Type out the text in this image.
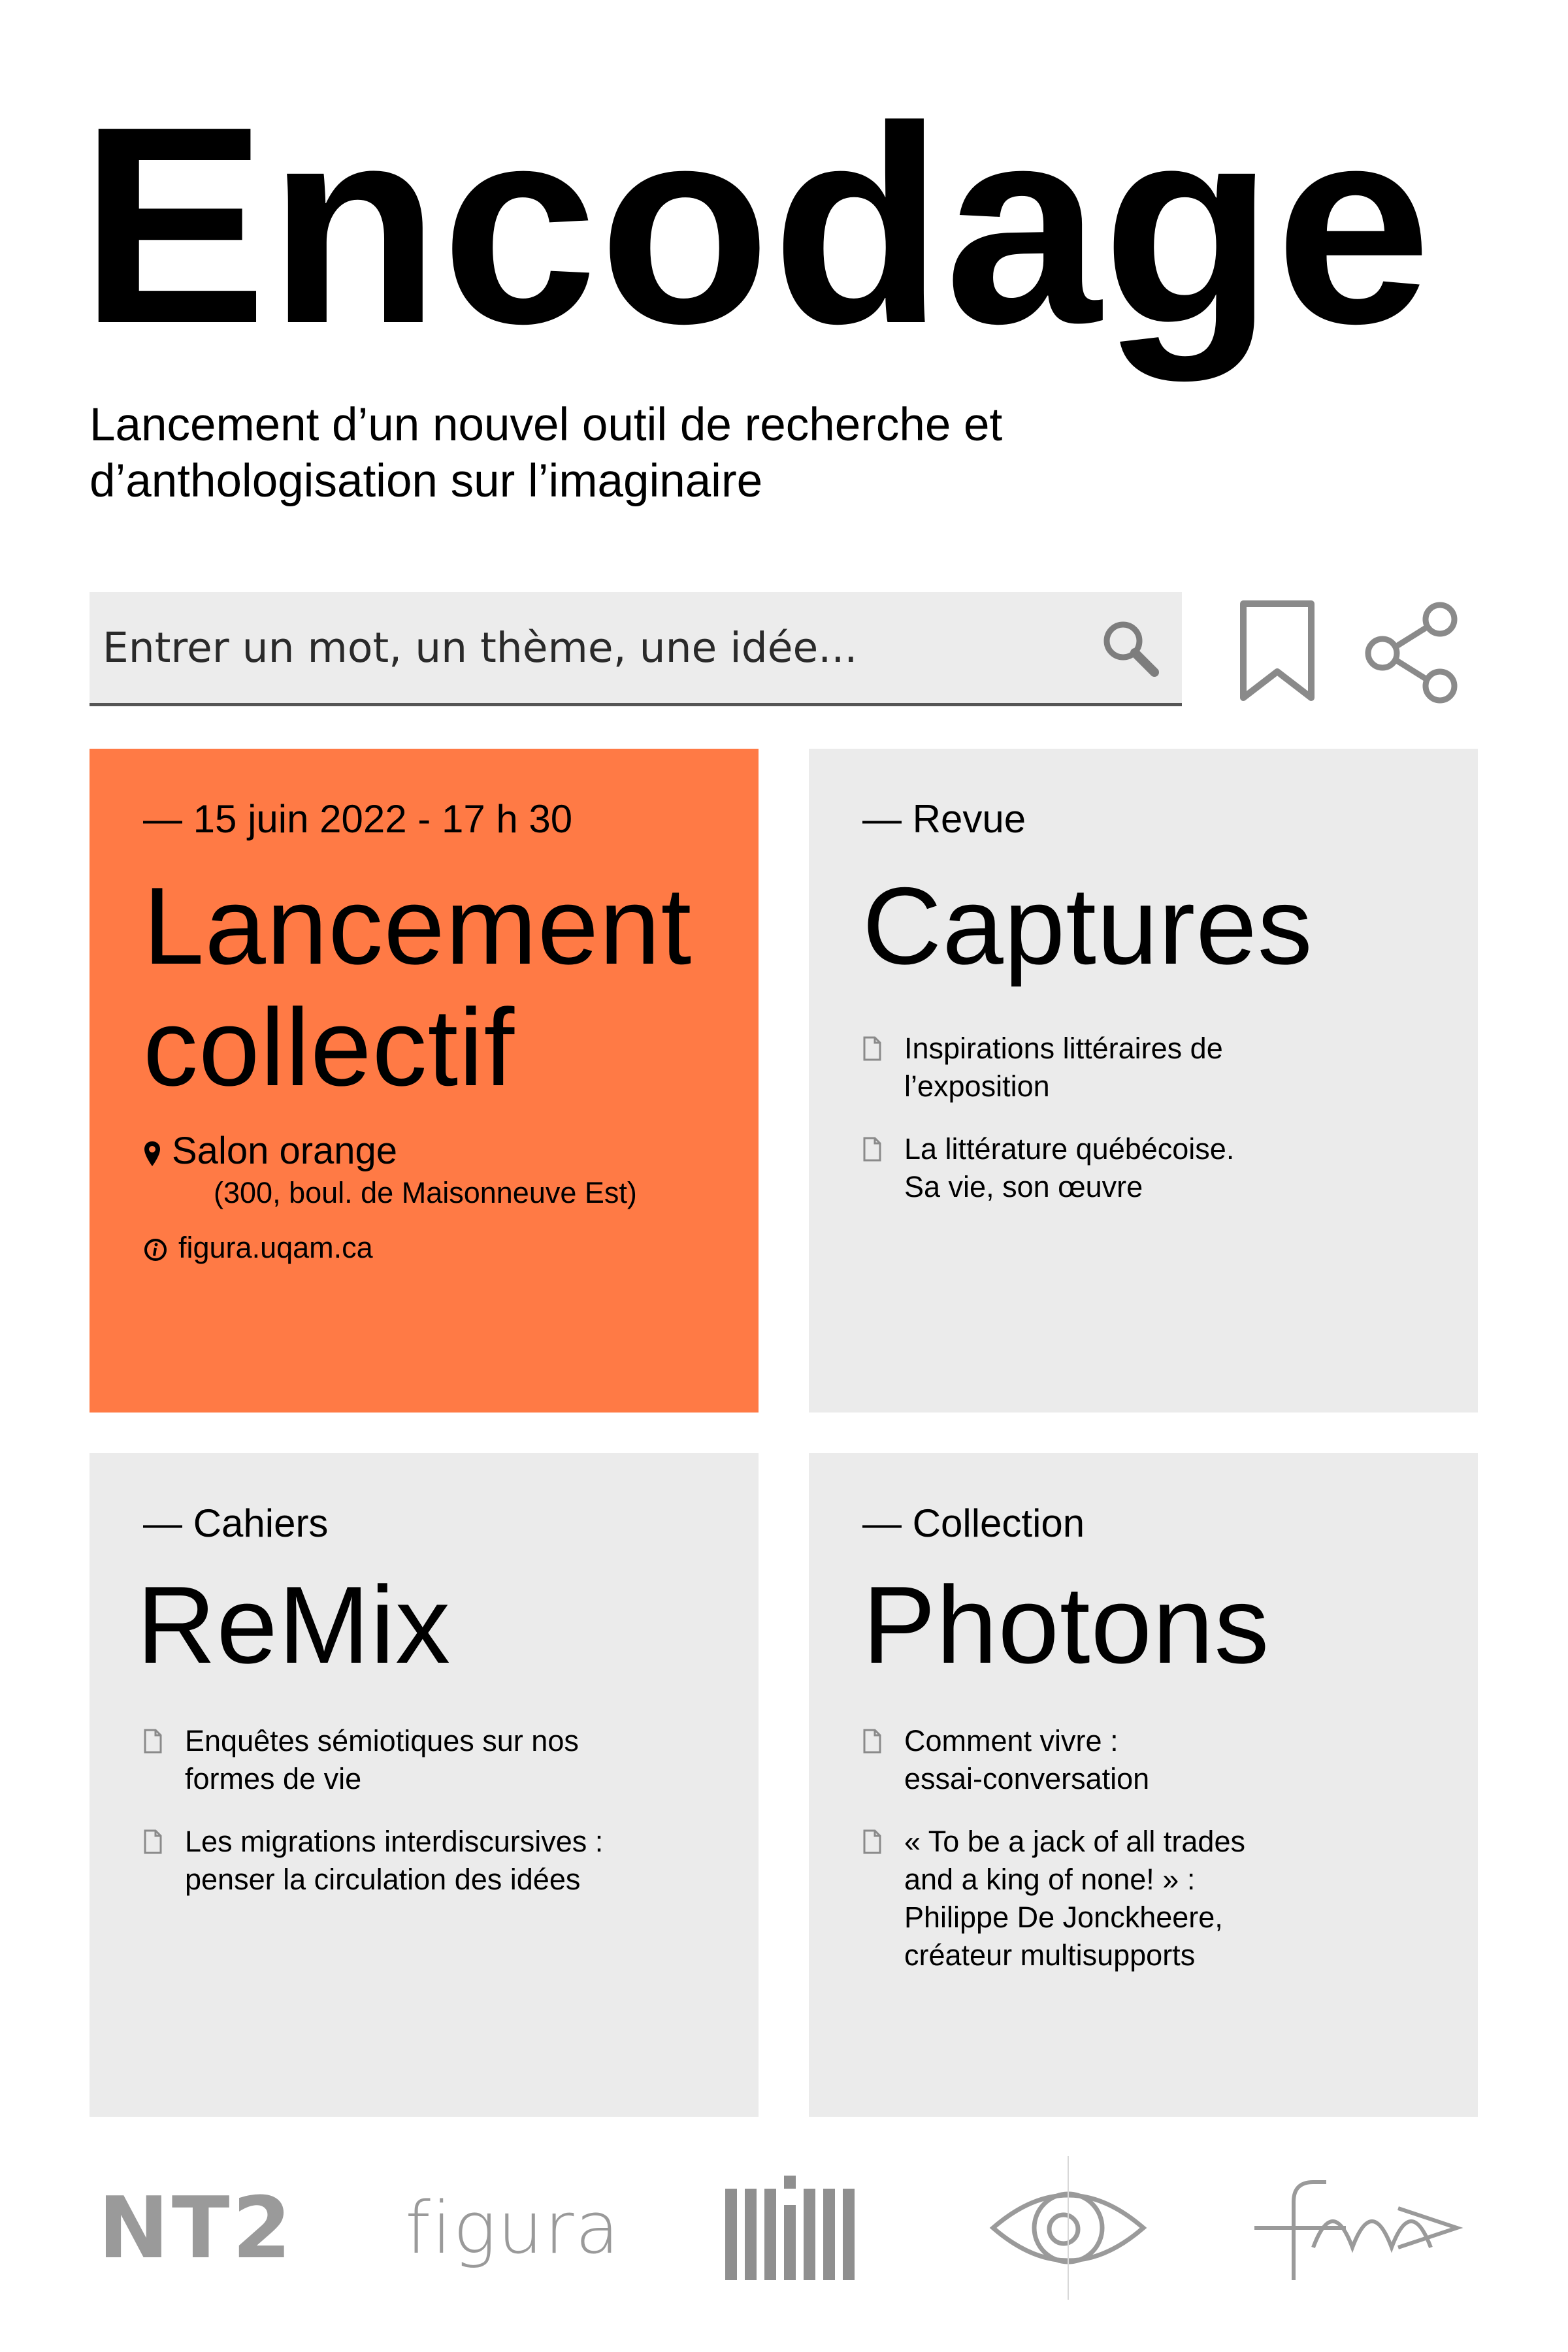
Encodage

Lancement d’un nouvel outil de recherche et
d’anthologisation sur l’imaginaire

Entrer un mot, un thème, une idée...
— 15 juin 2022 - 17 h 30
Lancement
collectif
Salon orange
(300, boul. de Maisonneuve Est)
figura.uqam.ca
— Revue
Captures
Inspirations littéraires de
l’exposition
La littérature québécoise.
Sa vie, son œuvre
— Cahiers
ReMix
Enquêtes sémiotiques sur nos
formes de vie
Les migrations interdiscursives :
penser la circulation des idées
— Collection
Photons
Comment vivre :
essai-conversation
« To be a jack of all trades
and a king of none! » :
Philippe De Jonckheere,
créateur multisupports
NT2 figura
